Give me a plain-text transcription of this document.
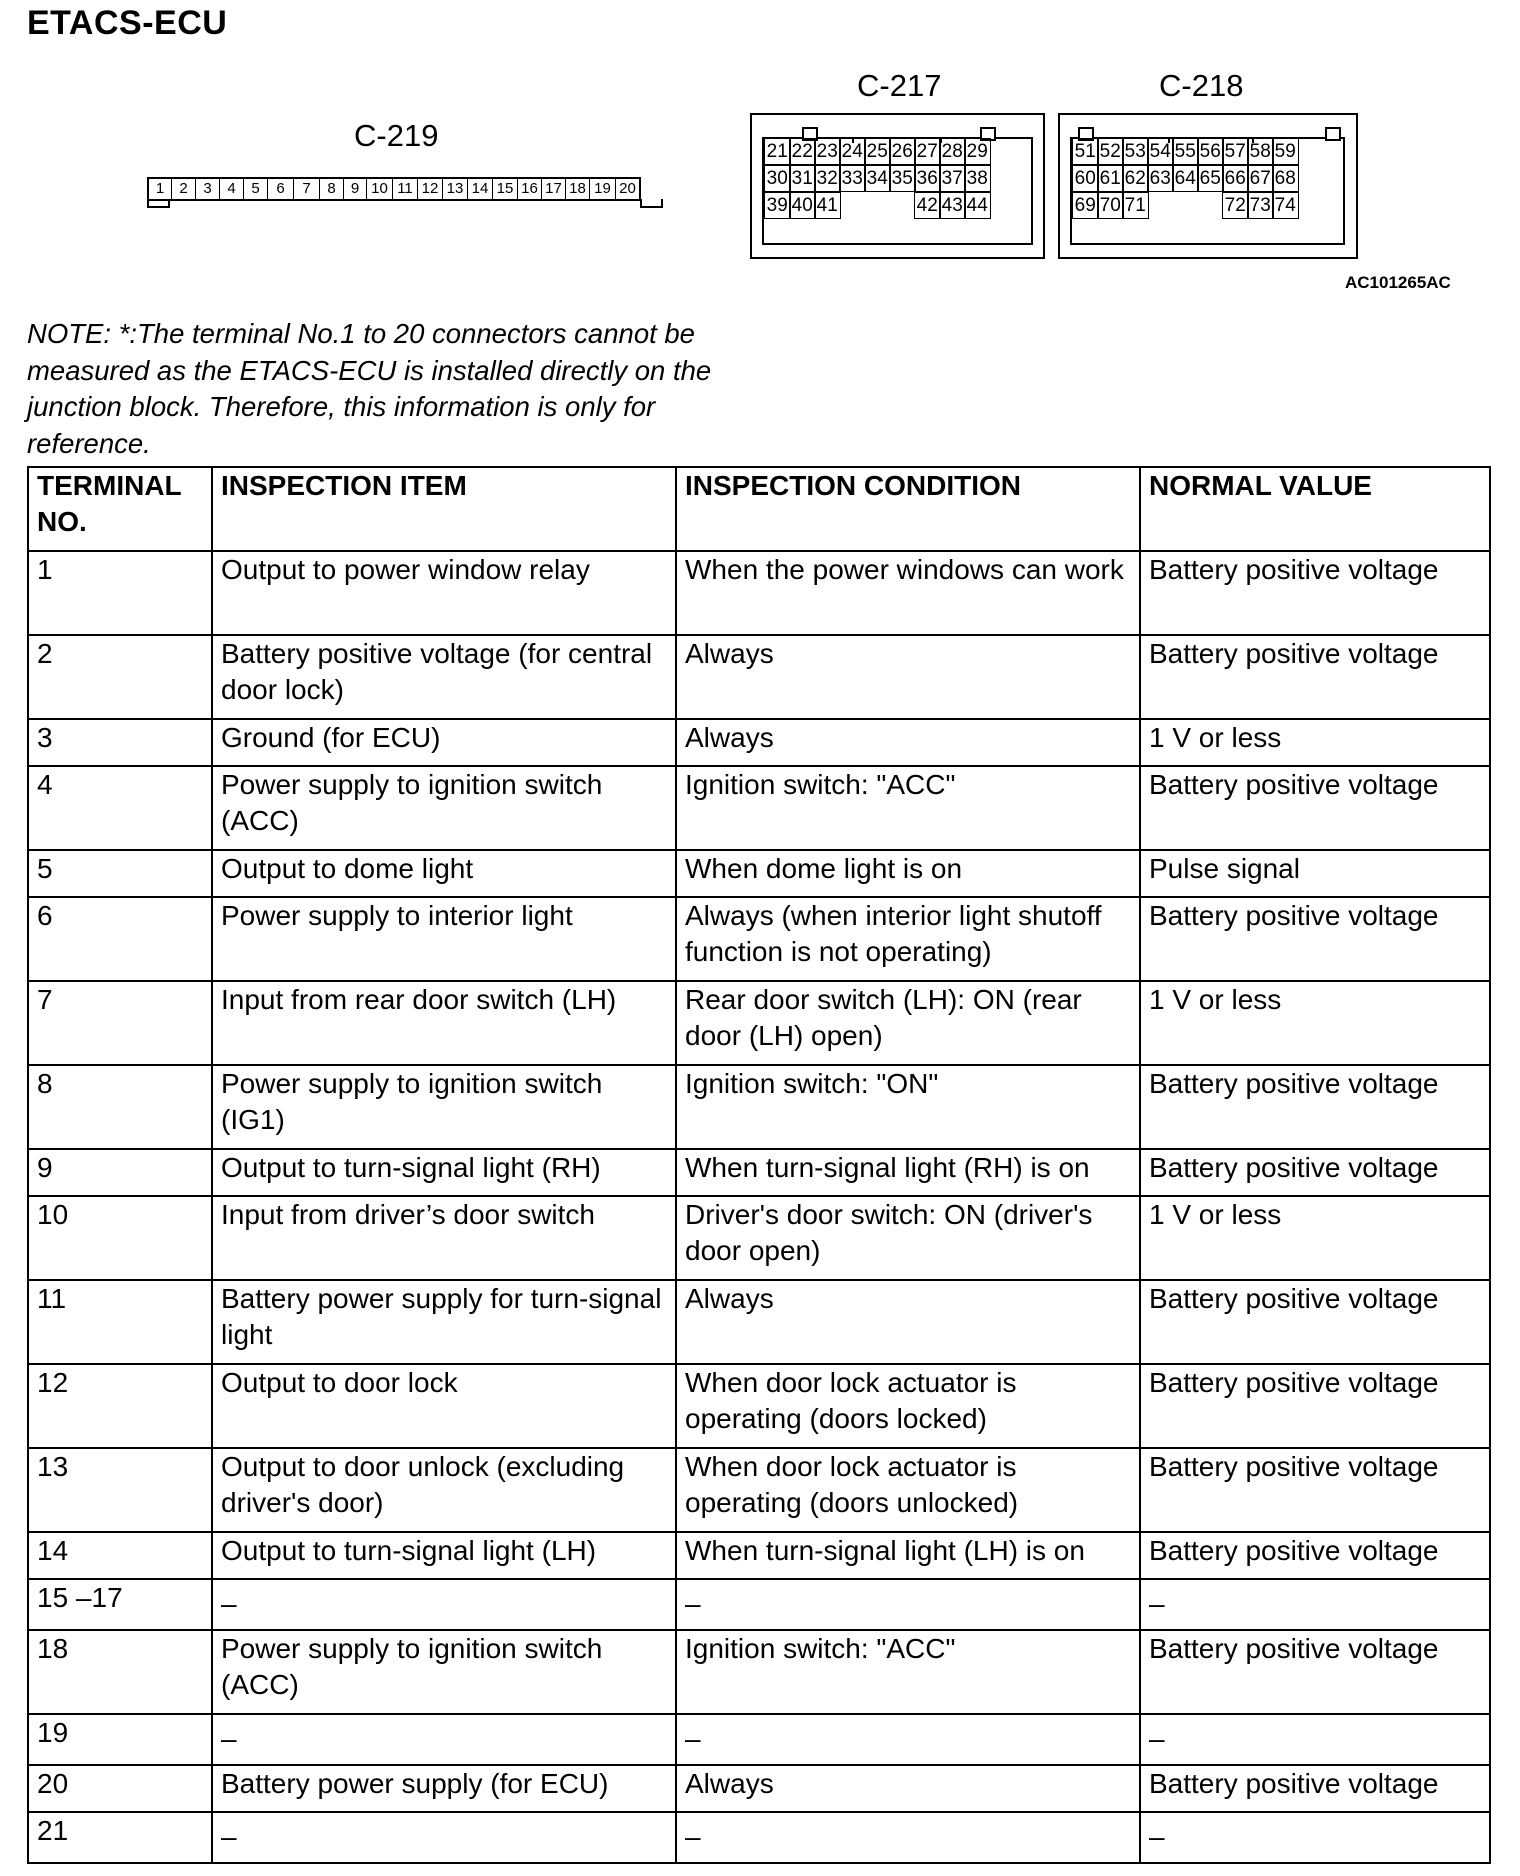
ETACS-ECU
C-219
1	2	3	4	5	6	7	8	9 10 11 12 13 14 15 16 17 18 19 20
C-217
21 22 23 24 25 26 27 28 29
30 31 32 33 34 35 36 37 38
39 40 41	42 43 44
C-218
51 52 53 54 55 56 57 58 59
60 61 62 63 64 65 66 67 68
69 70 71	72 73 74
AC101265AC
NOTE: *:The terminal No.1 to 20 connectors cannot be measured as the ETACS-ECU is installed directly on the junction block. Therefore, this information is only for reference.
TERMINAL NO.	INSPECTION ITEM	INSPECTION CONDITION	NORMAL VALUE
1	Output to power window relay	When the power windows can work	Battery positive voltage
2	Battery positive voltage (for central door lock)	Always	Battery positive voltage
3	Ground (for ECU)	Always	1 V or less
4	Power supply to ignition switch (ACC)	Ignition switch: "ACC"	Battery positive voltage
5	Output to dome light	When dome light is on	Pulse signal
6	Power supply to interior light	Always (when interior light shutoff function is not operating)	Battery positive voltage
7	Input from rear door switch (LH)	Rear door switch (LH): ON (rear door (LH) open)	1 V or less
8	Power supply to ignition switch (IG1)	Ignition switch: "ON"	Battery positive voltage
9	Output to turn-signal light (RH)	When turn-signal light (RH) is on	Battery positive voltage
10	Input from driver’s door switch	Driver's door switch: ON (driver's door open)	1 V or less
11	Battery power supply for turn-signal light	Always	Battery positive voltage
12	Output to door lock	When door lock actuator is operating (doors locked)	Battery positive voltage
13	Output to door unlock (excluding driver's door)	When door lock actuator is operating (doors unlocked)	Battery positive voltage
14	Output to turn-signal light (LH)	When turn-signal light (LH) is on	Battery positive voltage
15 –17	–	–	–
18	Power supply to ignition switch (ACC)	Ignition switch: "ACC"	Battery positive voltage
19	–	–	–
20	Battery power supply (for ECU)	Always	Battery positive voltage
21	–	–	–
